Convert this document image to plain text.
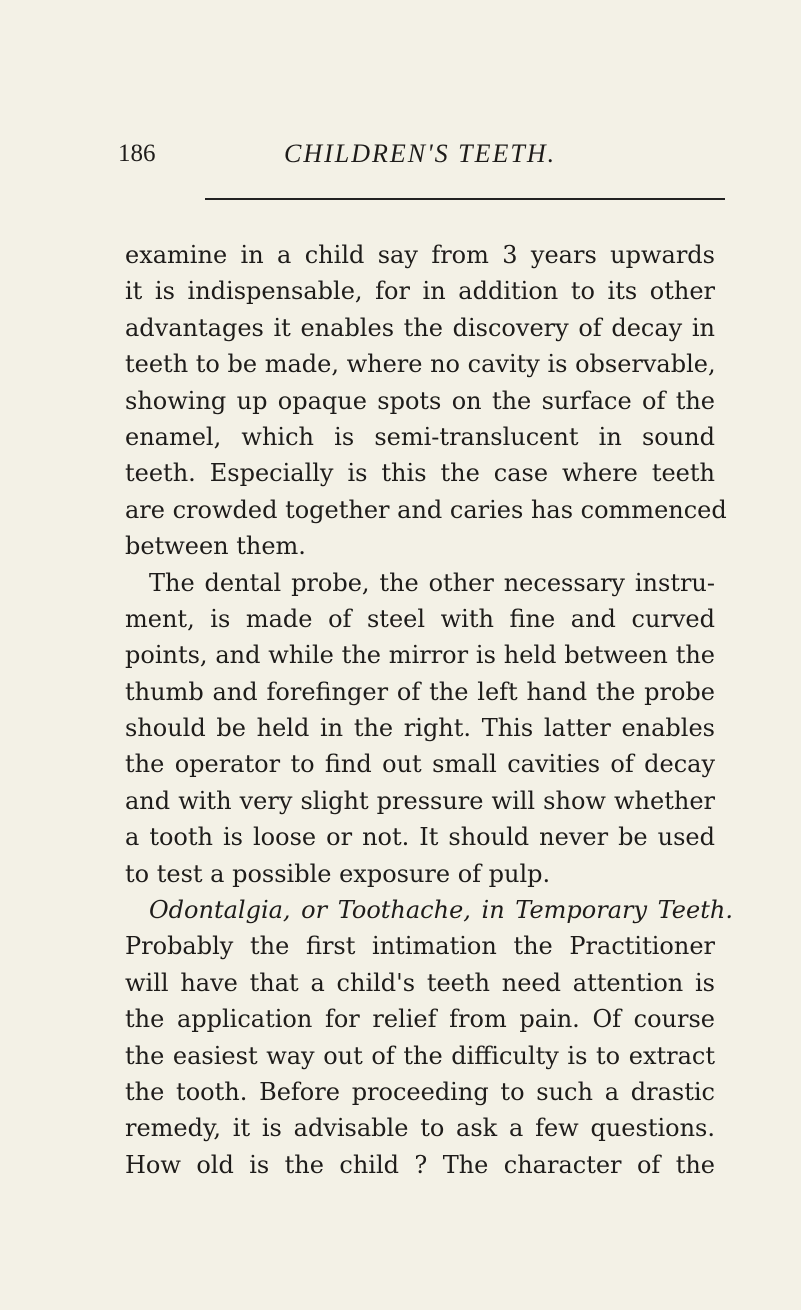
186	CHILDREN'S TEETH.
examine in a child say from 3 years upwards
it is indispensable, for in addition to its other
advantages it enables the discovery of decay in
teeth to be made, where no cavity is observable,
showing up opaque spots on the surface of the
enamel, which is semi-translucent in sound
teeth. Especially is this the case where teeth
are crowded together and caries has commenced
between them.
The dental probe, the other necessary instru-
ment, is made of steel with fine and curved
points, and while the mirror is held between the
thumb and forefinger of the left hand the probe
should be held in the right. This latter enables
the operator to find out small cavities of decay
and with very slight pressure will show whether
a tooth is loose or not. It should never be used
to test a possible exposure of pulp.
Odontalgia, or Toothache, in Temporary Teeth.
Probably the first intimation the Practitioner
will have that a child's teeth need attention is
the application for relief from pain. Of course
the easiest way out of the difficulty is to extract
the tooth. Before proceeding to such a drastic
remedy, it is advisable to ask a few questions.
How old is the child ? The character of the
